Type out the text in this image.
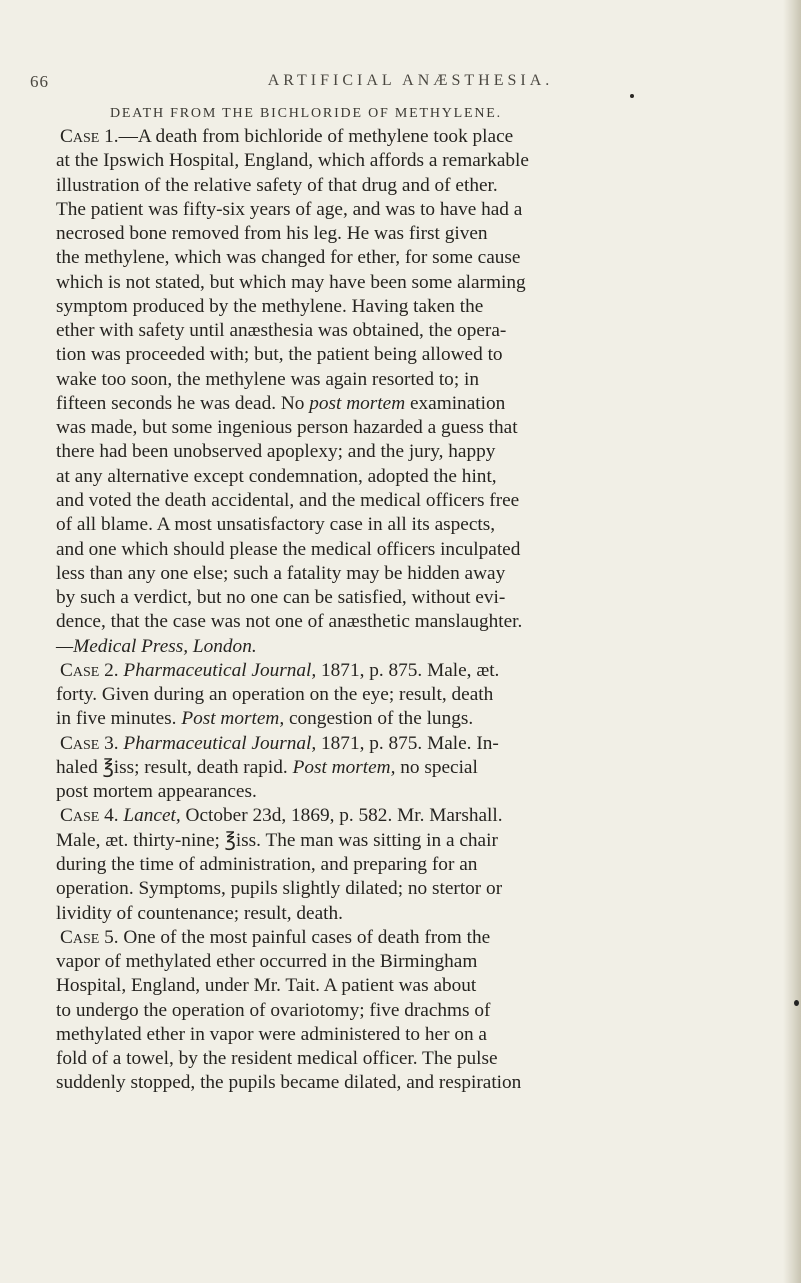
66	ARTIFICIAL ANÆSTHESIA.
DEATH FROM THE BICHLORIDE OF METHYLENE.
Case 1.—A death from bichloride of methylene took place
at the Ipswich Hospital, England, which affords a remarkable
illustration of the relative safety of that drug and of ether.
The patient was fifty-six years of age, and was to have had a
necrosed bone removed from his leg. He was first given
the methylene, which was changed for ether, for some cause
which is not stated, but which may have been some alarming
symptom produced by the methylene. Having taken the
ether with safety until anæsthesia was obtained, the opera-
tion was proceeded with; but, the patient being allowed to
wake too soon, the methylene was again resorted to; in
fifteen seconds he was dead. No post mortem examination
was made, but some ingenious person hazarded a guess that
there had been unobserved apoplexy; and the jury, happy
at any alternative except condemnation, adopted the hint,
and voted the death accidental, and the medical officers free
of all blame. A most unsatisfactory case in all its aspects,
and one which should please the medical officers inculpated
less than any one else; such a fatality may be hidden away
by such a verdict, but no one can be satisfied, without evi-
dence, that the case was not one of anæsthetic manslaughter.
—Medical Press, London.
Case 2. Pharmaceutical Journal, 1871, p. 875. Male, æt.
forty. Given during an operation on the eye; result, death
in five minutes. Post mortem, congestion of the lungs.
Case 3. Pharmaceutical Journal, 1871, p. 875. Male. In-
haled ℥iss; result, death rapid. Post mortem, no special
post mortem appearances.
Case 4. Lancet, October 23d, 1869, p. 582. Mr. Marshall.
Male, æt. thirty-nine; ℥iss. The man was sitting in a chair
during the time of administration, and preparing for an
operation. Symptoms, pupils slightly dilated; no stertor or
lividity of countenance; result, death.
Case 5. One of the most painful cases of death from the
vapor of methylated ether occurred in the Birmingham
Hospital, England, under Mr. Tait. A patient was about
to undergo the operation of ovariotomy; five drachms of
methylated ether in vapor were administered to her on a
fold of a towel, by the resident medical officer. The pulse
suddenly stopped, the pupils became dilated, and respiration
